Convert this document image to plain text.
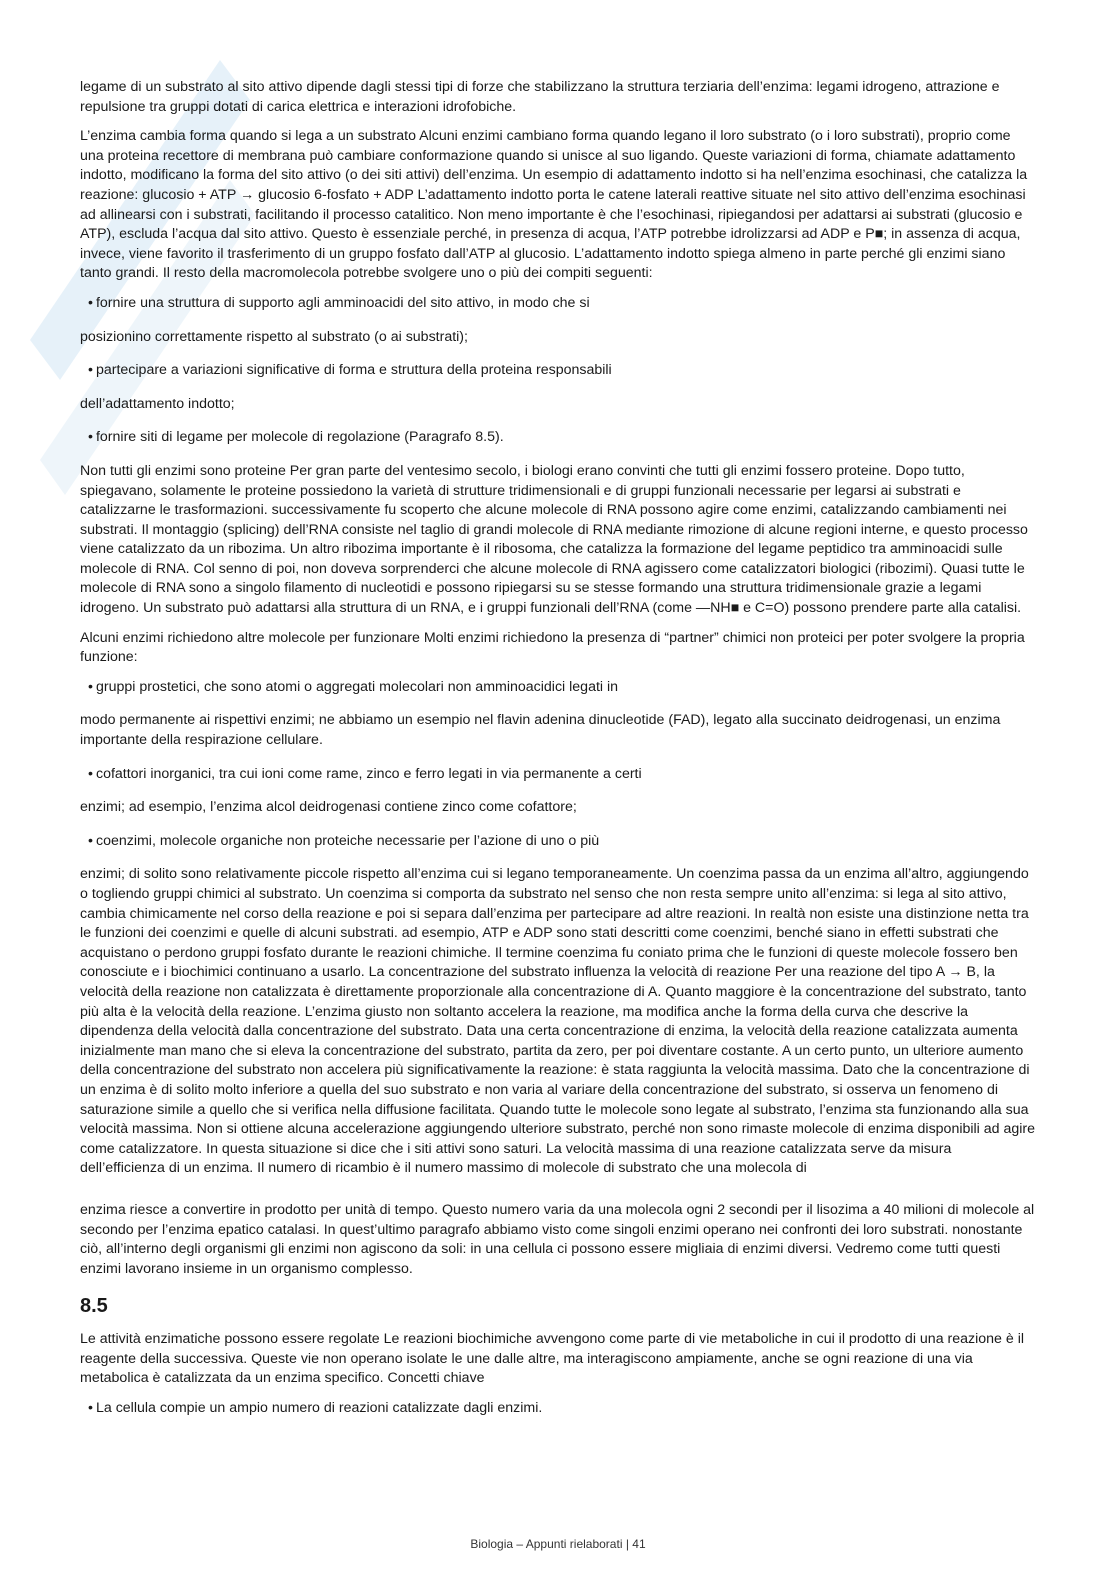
legame di un substrato al sito attivo dipende dagli stessi tipi di forze che stabilizzano la struttura terziaria dell’enzima: legami idrogeno, attrazione e repulsione tra gruppi dotati di carica elettrica e interazioni idrofobiche.

L’enzima cambia forma quando si lega a un substrato Alcuni enzimi cambiano forma quando legano il loro substrato (o i loro substrati), proprio come una proteina recettore di membrana può cambiare conformazione quando si unisce al suo ligando. Queste variazioni di forma, chiamate adattamento indotto, modificano la forma del sito attivo (o dei siti attivi) dell’enzima. Un esempio di adattamento indotto si ha nell’enzima esochinasi, che catalizza la reazione: glucosio + ATP → glucosio 6-fosfato + ADP L’adattamento indotto porta le catene laterali reattive situate nel sito attivo dell’enzima esochinasi ad allinearsi con i substrati, facilitando il processo catalitico. Non meno importante è che l’esochinasi, ripiegandosi per adattarsi ai substrati (glucosio e ATP), escluda l’acqua dal sito attivo. Questo è essenziale perché, in presenza di acqua, l’ATP potrebbe idrolizzarsi ad ADP e P■; in assenza di acqua, invece, viene favorito il trasferimento di un gruppo fosfato dall’ATP al glucosio. L’adattamento indotto spiega almeno in parte perché gli enzimi siano tanto grandi. Il resto della macromolecola potrebbe svolgere uno o più dei compiti seguenti:

• fornire una struttura di supporto agli amminoacidi del sito attivo, in modo che si

posizionino correttamente rispetto al substrato (o ai substrati);

• partecipare a variazioni significative di forma e struttura della proteina responsabili

dell’adattamento indotto;

• fornire siti di legame per molecole di regolazione (Paragrafo 8.5).

Non tutti gli enzimi sono proteine Per gran parte del ventesimo secolo, i biologi erano convinti che tutti gli enzimi fossero proteine. Dopo tutto, spiegavano, solamente le proteine possiedono la varietà di strutture tridimensionali e di gruppi funzionali necessarie per legarsi ai substrati e catalizzarne le trasformazioni. successivamente fu scoperto che alcune molecole di RNA possono agire come enzimi, catalizzando cambiamenti nei substrati. Il montaggio (splicing) dell’RNA consiste nel taglio di grandi molecole di RNA mediante rimozione di alcune regioni interne, e questo processo viene catalizzato da un ribozima. Un altro ribozima importante è il ribosoma, che catalizza la formazione del legame peptidico tra amminoacidi sulle molecole di RNA. Col senno di poi, non doveva sorprenderci che alcune molecole di RNA agissero come catalizzatori biologici (ribozimi). Quasi tutte le molecole di RNA sono a singolo filamento di nucleotidi e possono ripiegarsi su se stesse formando una struttura tridimensionale grazie a legami idrogeno. Un substrato può adattarsi alla struttura di un RNA, e i gruppi funzionali dell’RNA (come —NH■ e C=O) possono prendere parte alla catalisi.

Alcuni enzimi richiedono altre molecole per funzionare Molti enzimi richiedono la presenza di “partner” chimici non proteici per poter svolgere la propria funzione:

• gruppi prostetici, che sono atomi o aggregati molecolari non amminoacidici legati in

modo permanente ai rispettivi enzimi; ne abbiamo un esempio nel flavin adenina dinucleotide (FAD), legato alla succinato deidrogenasi, un enzima importante della respirazione cellulare.

• cofattori inorganici, tra cui ioni come rame, zinco e ferro legati in via permanente a certi

enzimi; ad esempio, l’enzima alcol deidrogenasi contiene zinco come cofattore;

• coenzimi, molecole organiche non proteiche necessarie per l’azione di uno o più

enzimi; di solito sono relativamente piccole rispetto all’enzima cui si legano temporaneamente. Un coenzima passa da un enzima all’altro, aggiungendo o togliendo gruppi chimici al substrato. Un coenzima si comporta da substrato nel senso che non resta sempre unito all’enzima: si lega al sito attivo, cambia chimicamente nel corso della reazione e poi si separa dall’enzima per partecipare ad altre reazioni. In realtà non esiste una distinzione netta tra le funzioni dei coenzimi e quelle di alcuni substrati. ad esempio, ATP e ADP sono stati descritti come coenzimi, benché siano in effetti substrati che acquistano o perdono gruppi fosfato durante le reazioni chimiche. Il termine coenzima fu coniato prima che le funzioni di queste molecole fossero ben conosciute e i biochimici continuano a usarlo. La concentrazione del substrato influenza la velocità di reazione Per una reazione del tipo A → B, la velocità della reazione non catalizzata è direttamente proporzionale alla concentrazione di A. Quanto maggiore è la concentrazione del substrato, tanto più alta è la velocità della reazione. L’enzima giusto non soltanto accelera la reazione, ma modifica anche la forma della curva che descrive la dipendenza della velocità dalla concentrazione del substrato. Data una certa concentrazione di enzima, la velocità della reazione catalizzata aumenta inizialmente man mano che si eleva la concentrazione del substrato, partita da zero, per poi diventare costante. A un certo punto, un ulteriore aumento della concentrazione del substrato non accelera più significativamente la reazione: è stata raggiunta la velocità massima. Dato che la concentrazione di un enzima è di solito molto inferiore a quella del suo substrato e non varia al variare della concentrazione del substrato, si osserva un fenomeno di saturazione simile a quello che si verifica nella diffusione facilitata. Quando tutte le molecole sono legate al substrato, l’enzima sta funzionando alla sua velocità massima. Non si ottiene alcuna accelerazione aggiungendo ulteriore substrato, perché non sono rimaste molecole di enzima disponibili ad agire come catalizzatore. In questa situazione si dice che i siti attivi sono saturi. La velocità massima di una reazione catalizzata serve da misura dell’efficienza di un enzima. Il numero di ricambio è il numero massimo di molecole di substrato che una molecola di

enzima riesce a convertire in prodotto per unità di tempo. Questo numero varia da una molecola ogni 2 secondi per il lisozima a 40 milioni di molecole al secondo per l’enzima epatico catalasi. In quest’ultimo paragrafo abbiamo visto come singoli enzimi operano nei confronti dei loro substrati. nonostante ciò, all’interno degli organismi gli enzimi non agiscono da soli: in una cellula ci possono essere migliaia di enzimi diversi. Vedremo come tutti questi enzimi lavorano insieme in un organismo complesso.

8.5

Le attività enzimatiche possono essere regolate Le reazioni biochimiche avvengono come parte di vie metaboliche in cui il prodotto di una reazione è il reagente della successiva. Queste vie non operano isolate le une dalle altre, ma interagiscono ampiamente, anche se ogni reazione di una via metabolica è catalizzata da un enzima specifico. Concetti chiave

• La cellula compie un ampio numero di reazioni catalizzate dagli enzimi.

Biologia – Appunti rielaborati | 41
